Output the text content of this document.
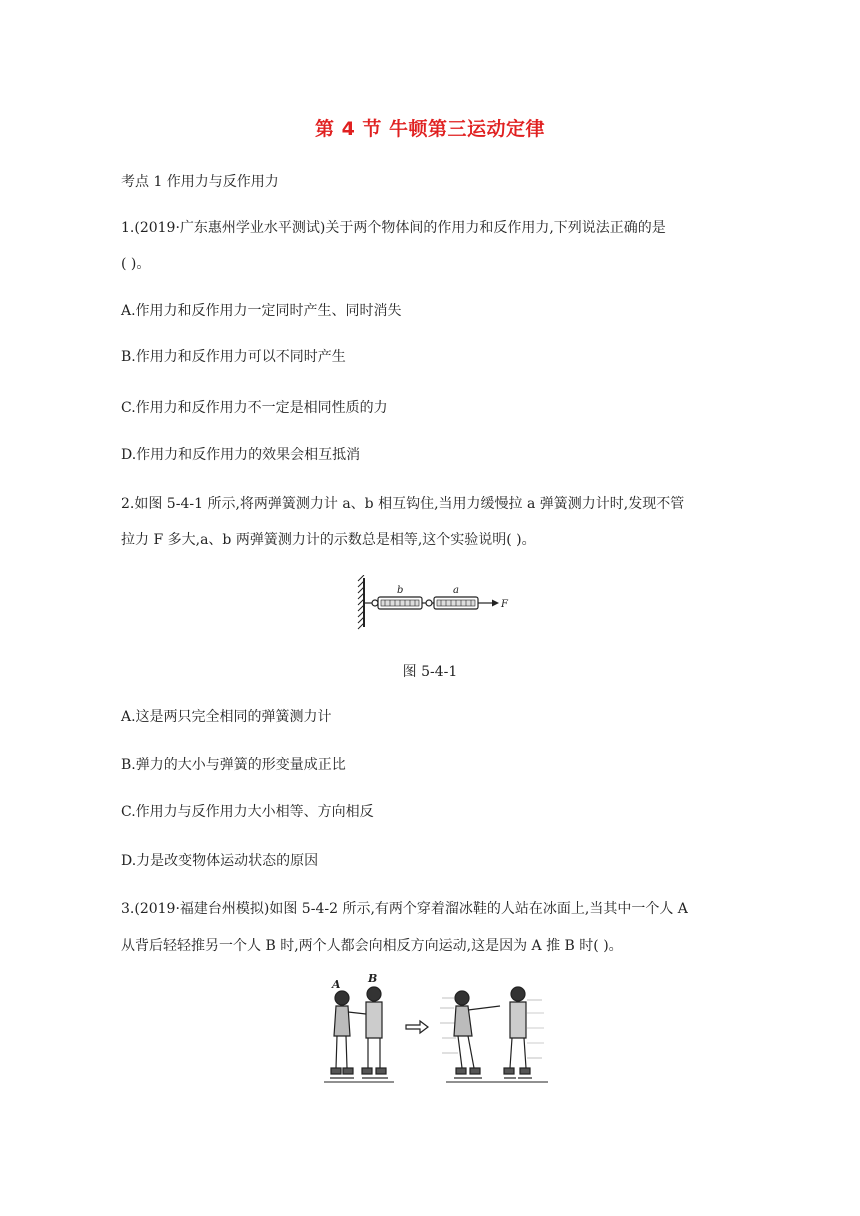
第 4 节 牛顿第三运动定律
考点 1 作用力与反作用力
1.(2019·广东惠州学业水平测试)关于两个物体间的作用力和反作用力,下列说法正确的是
( )。
A.作用力和反作用力一定同时产生、同时消失
B.作用力和反作用力可以不同时产生
C.作用力和反作用力不一定是相同性质的力
D.作用力和反作用力的效果会相互抵消
2.如图 5-4-1 所示,将两弹簧测力计 a、b 相互钩住,当用力缓慢拉 a 弹簧测力计时,发现不管
拉力 F 多大,a、b 两弹簧测力计的示数总是相等,这个实验说明( )。
b	a
F
图 5-4-1
A.这是两只完全相同的弹簧测力计
B.弹力的大小与弹簧的形变量成正比
C.作用力与反作用力大小相等、方向相反
D.力是改变物体运动状态的原因
3.(2019·福建台州模拟)如图 5-4-2 所示,有两个穿着溜冰鞋的人站在冰面上,当其中一个人 A
从背后轻轻推另一个人 B 时,两个人都会向相反方向运动,这是因为 A 推 B 时( )。
A B
